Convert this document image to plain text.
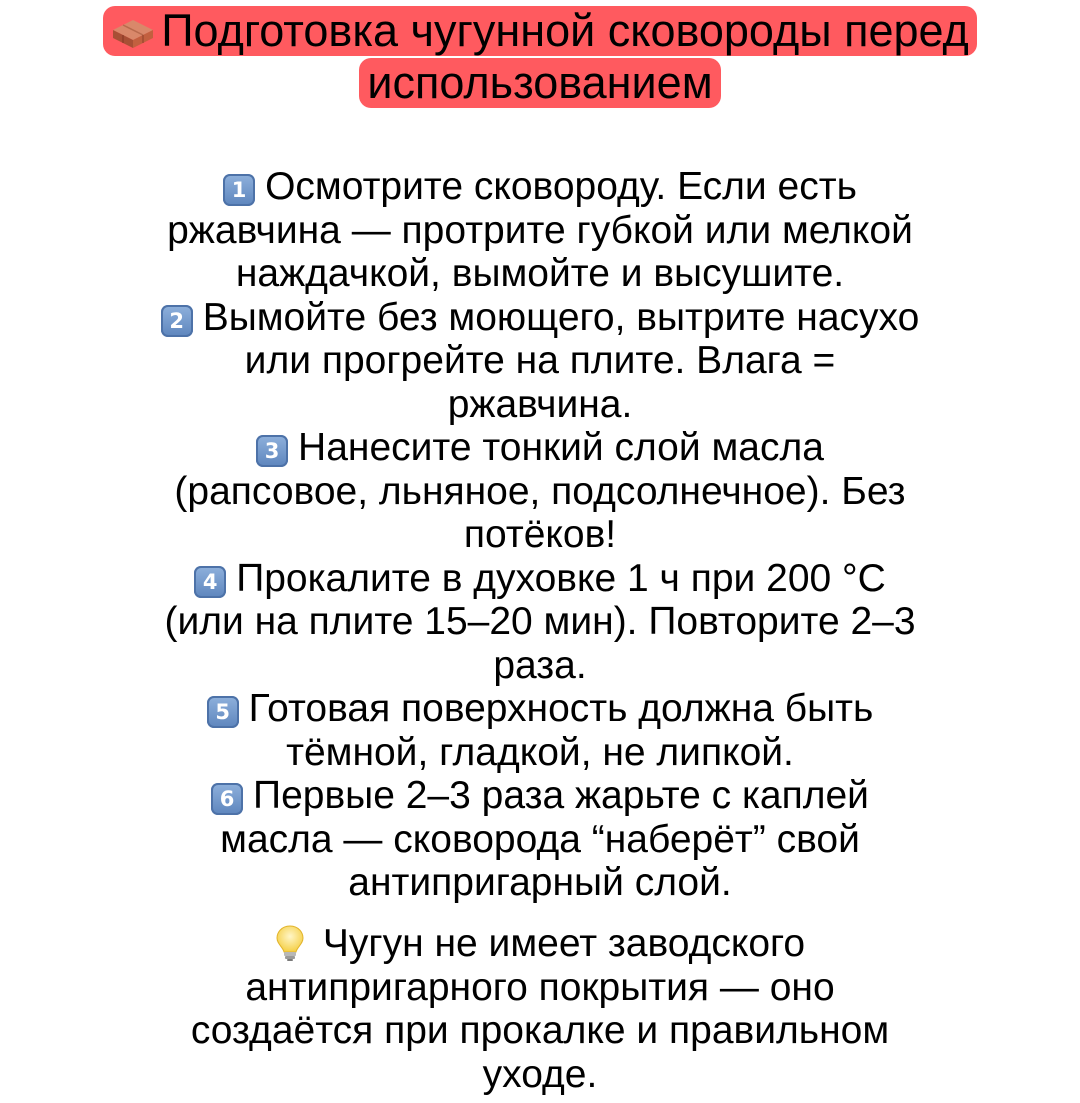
Подготовка чугунной сковороды перед
использованием

1 Осмотрите сковороду. Если есть
ржавчина — протрите губкой или мелкой
наждачкой, вымойте и высушите.

2 Вымойте без моющего, вытрите насухо
или прогрейте на плите. Влага =
ржавчина.

3 Нанесите тонкий слой масла
(рапсовое, льняное, подсолнечное). Без
потёков!

4 Прокалите в духовке 1 ч при 200 °C
(или на плите 15–20 мин). Повторите 2–3
раза.

5 Готовая поверхность должна быть
тёмной, гладкой, не липкой.

6 Первые 2–3 раза жарьте с каплей
масла — сковорода “наберёт” свой
антипригарный слой.

Чугун не имеет заводского
антипригарного покрытия — оно
создаётся при прокалке и правильном
уходе.
